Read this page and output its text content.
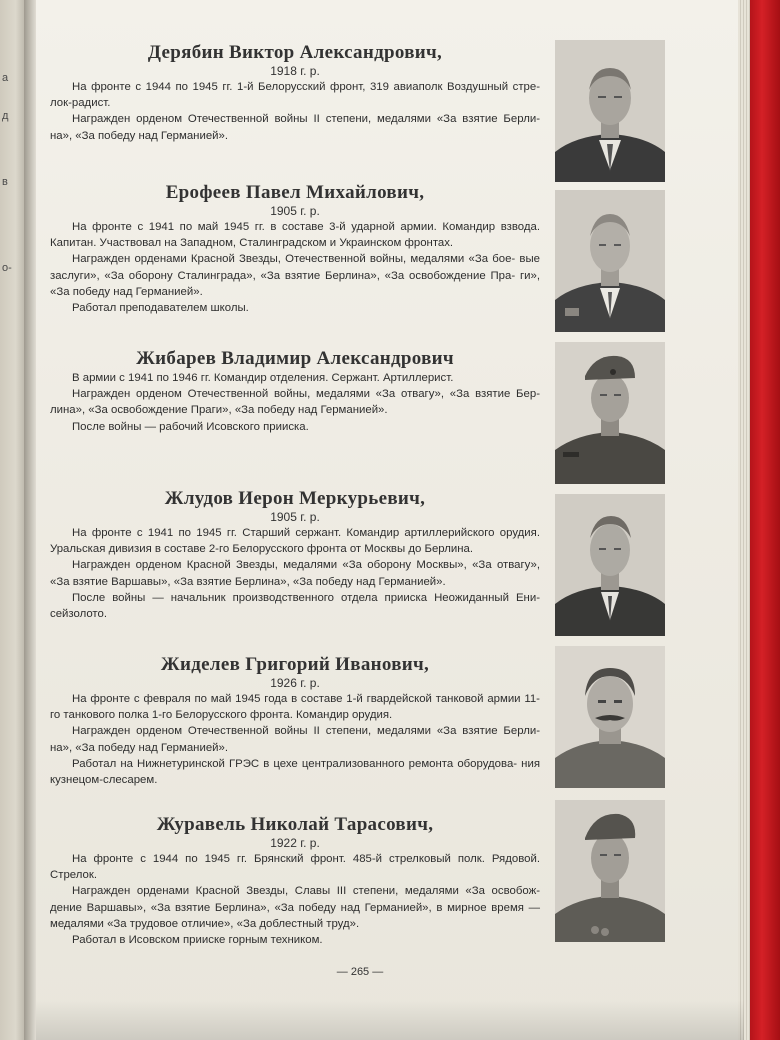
а
д
в
о-
Дерябин Виктор Александрович,
1918 г. р.

На фронте с 1944 по 1945 гг. 1-й Белорусский фронт, 319 авиаполк Воздушный стре- лок-радист.

Награжден орденом Отечественной войны II степени, медалями «За взятие Берли- на», «За победу над Германией».

Ерофеев Павел Михайлович,
1905 г. р.

На фронте с 1941 по май 1945 гг. в составе 3-й ударной армии. Командир взвода. Капитан. Участвовал на Западном, Сталинградском и Украинском фронтах.

Награжден орденами Красной Звезды, Отечественной войны, медалями «За бое- вые заслуги», «За оборону Сталинграда», «За взятие Берлина», «За освобождение Пра- ги», «За победу над Германией».

Работал преподавателем школы.

Жибарев Владимир Александрович

В армии с 1941 по 1946 гг. Командир отделения. Сержант. Артиллерист.

Награжден орденом Отечественной войны, медалями «За отвагу», «За взятие Бер- лина», «За освобождение Праги», «За победу над Германией».

После войны — рабочий Исовского прииска.

Жлудов Иерон Меркурьевич,
1905 г. р.

На фронте с 1941 по 1945 гг. Старший сержант. Командир артиллерийского орудия. Уральская дивизия в составе 2-го Белорусского фронта от Москвы до Берлина.

Награжден орденом Красной Звезды, медалями «За оборону Москвы», «За отвагу», «За взятие Варшавы», «За взятие Берлина», «За победу над Германией».

После войны — начальник производственного отдела прииска Неожиданный Ени- сейзолото.

Жиделев Григорий Иванович,
1926 г. р.

На фронте с февраля по май 1945 года в составе 1-й гвардейской танковой армии 11-го танкового полка 1-го Белорусского фронта. Командир орудия.

Награжден орденом Отечественной войны II степени, медалями «За взятие Берли- на», «За победу над Германией».

Работал на Нижнетуринской ГРЭС в цехе централизованного ремонта оборудова- ния кузнецом-слесарем.

Журавель Николай Тарасович,
1922 г. р.

На фронте с 1944 по 1945 гг. Брянский фронт. 485-й стрелковый полк. Рядовой. Стрелок.

Награжден орденами Красной Звезды, Славы III степени, медалями «За освобож- дение Варшавы», «За взятие Берлина», «За победу над Германией», в мирное время — медалями «За трудовое отличие», «За доблестный труд».

Работал в Исовском прииске горным техником.

— 265 —
